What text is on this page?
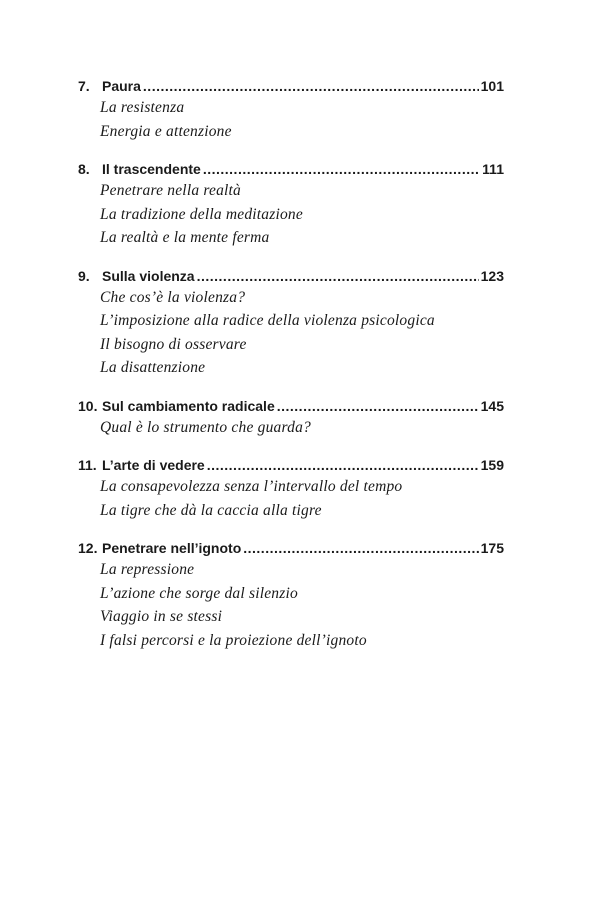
7. Paura .....	101
La resistenza
Energia e attenzione
8. Il trascendente .....	111
Penetrare nella realtà
La tradizione della meditazione
La realtà e la mente ferma
9. Sulla violenza .....	123
Che cos’è la violenza?
L’imposizione alla radice della violenza psicologica
Il bisogno di osservare
La disattenzione
10. Sul cambiamento radicale .....	145
Qual è lo strumento che guarda?
11. L’arte di vedere .....	159
La consapevolezza senza l’intervallo del tempo
La tigre che dà la caccia alla tigre
12. Penetrare nell’ignoto .....	175
La repressione
L’azione che sorge dal silenzio
Viaggio in se stessi
I falsi percorsi e la proiezione dell’ignoto
